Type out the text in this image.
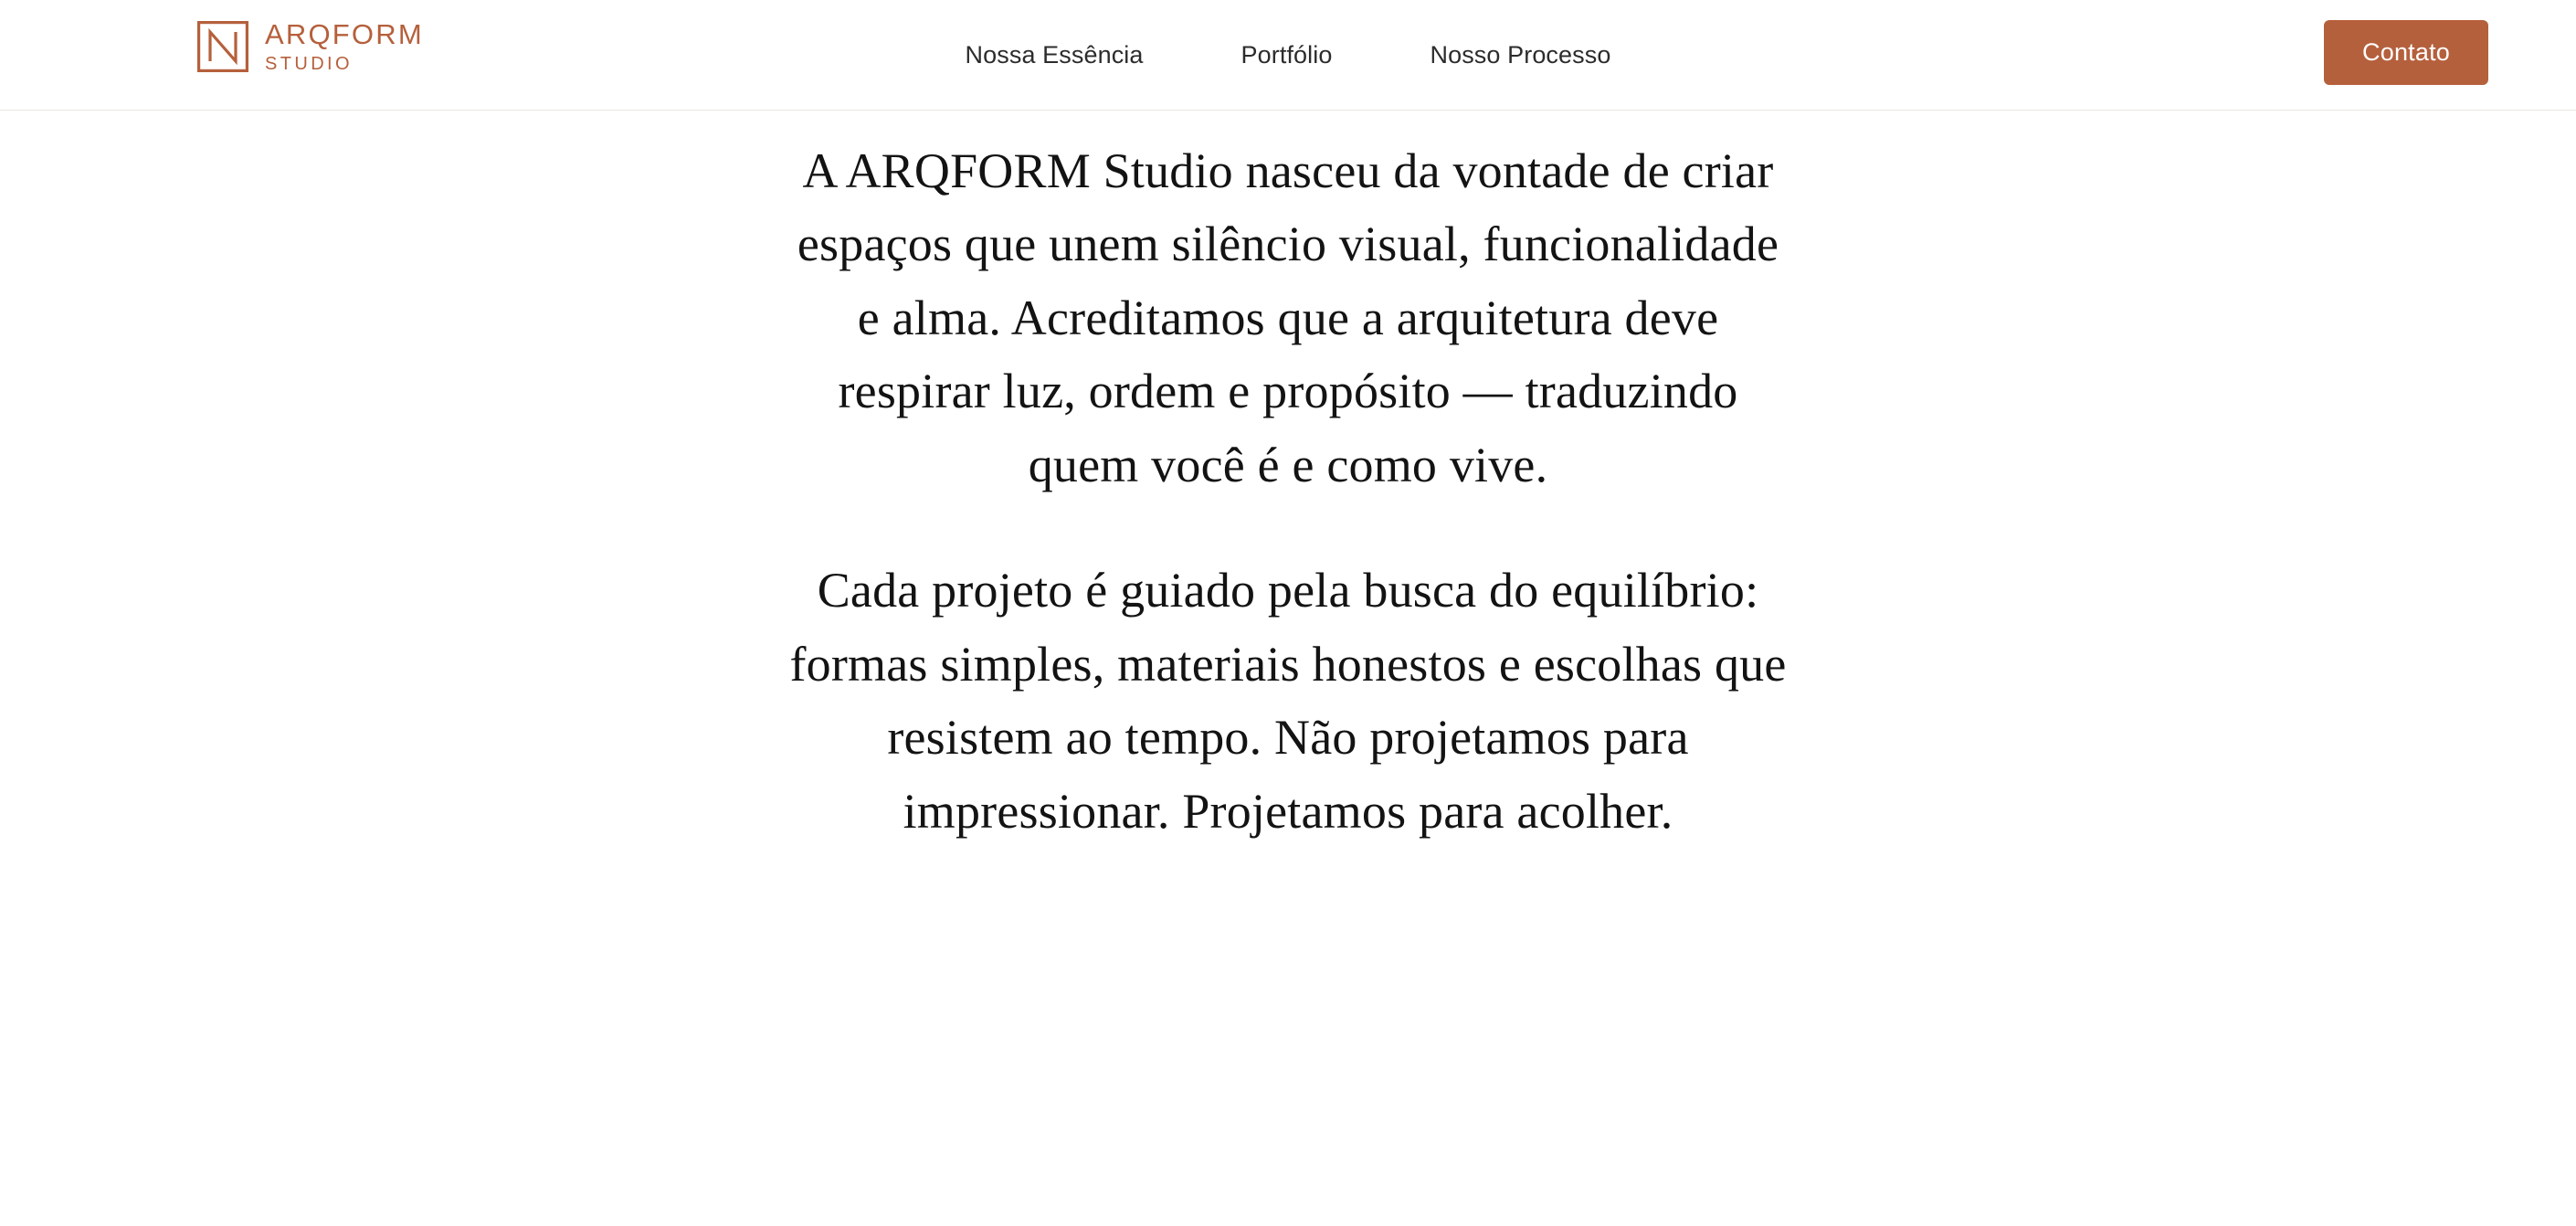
ARQFORM
STUDIO	Nossa Essência	Portfólio	Nosso Processo	Contato

A ARQFORM Studio nasceu da vontade de criar espaços que unem silêncio visual, funcionalidade e alma. Acreditamos que a arquitetura deve respirar luz, ordem e propósito — traduzindo quem você é e como vive.

Cada projeto é guiado pela busca do equilíbrio: formas simples, materiais honestos e escolhas que resistem ao tempo. Não projetamos para impressionar. Projetamos para acolher.
